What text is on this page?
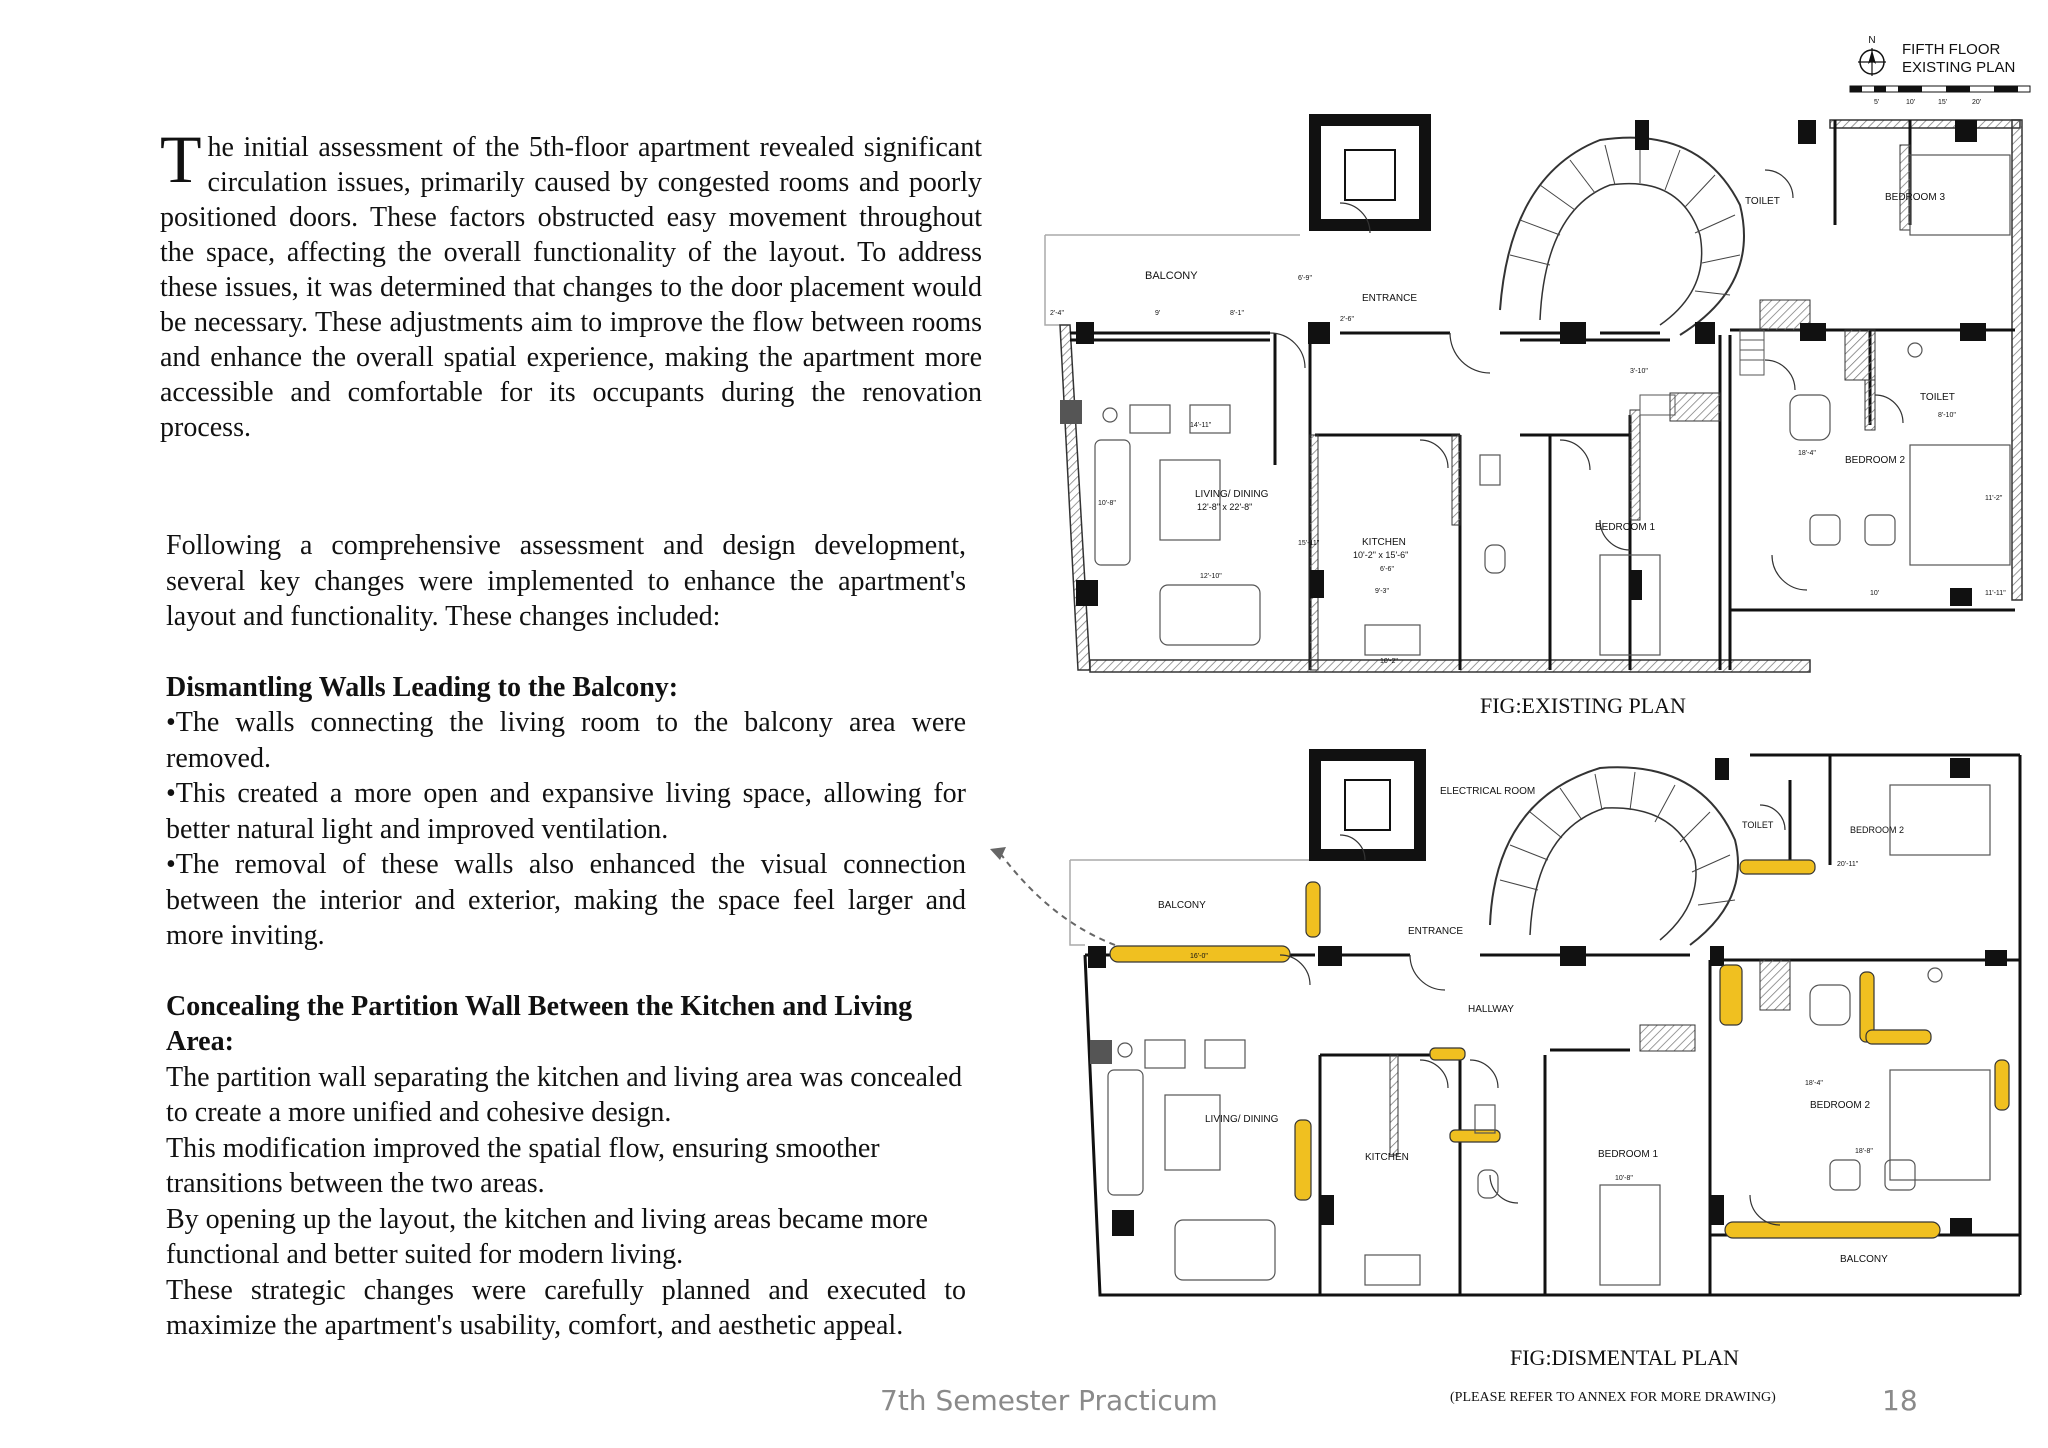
The initial assessment of the 5th-floor apartment revealed significant circulation issues, primarily caused by congested rooms and poorly positioned doors. These factors obstructed easy movement throughout the space, affecting the overall functionality of the layout. To address these issues, it was determined that changes to the door placement would be necessary. These adjustments aim to improve the flow between rooms and enhance the overall spatial experience, making the apartment more accessible and comfortable for its occupants during the renovation process.

Following a comprehensive assessment and design development, several key changes were implemented to enhance the apartment's layout and functionality. These changes included:

Dismantling Walls Leading to the Balcony:

•The walls connecting the living room to the balcony area were removed.

•This created a more open and expansive living space, allowing for better natural light and improved ventilation.

•The removal of these walls also enhanced the visual connection between the interior and exterior, making the space feel larger and more inviting.

Concealing the Partition Wall Between the Kitchen and Living Area:

The partition wall separating the kitchen and living area was concealed to create a more unified and cohesive design.

This modification improved the spatial flow, ensuring smoother transitions between the two areas.

By opening up the layout, the kitchen and living areas became more functional and better suited for modern living.

These strategic changes were carefully planned and executed to maximize the apartment's usability, comfort, and aesthetic appeal.

N
FIFTH FLOOR
EXISTING PLAN
5'	10'	15'	20'
BALCONY
ENTRANCE
TOILET	BEDROOM 3
TOILET
BEDROOM 2
LIVING/ DINING
12'-8" x 22'-8"
KITCHEN
10'-2" x 15'-6"
BEDROOM 1
9'	8'-1"
2'-6"
2'-4"
6'-9"
14'-11"
12'-10"
10'-8"
15'-11"
6'-6"
9'-3"
10'-2"
18'-4"
10'
11'-2"
3'-10"
8'-10"
11'-11"
FIG:EXISTING PLAN
ELECTRICAL ROOM
TOILET	BEDROOM 2
BALCONY
ENTRANCE
HALLWAY
LIVING/ DINING
KITCHEN	BEDROOM 1
BEDROOM 2
BALCONY
16'-0"
20'-11"
18'-4"
18'-8"
10'-8"
FIG:DISMENTAL PLAN
(PLEASE REFER TO ANNEX FOR MORE DRAWING)
7th Semester Practicum	18
